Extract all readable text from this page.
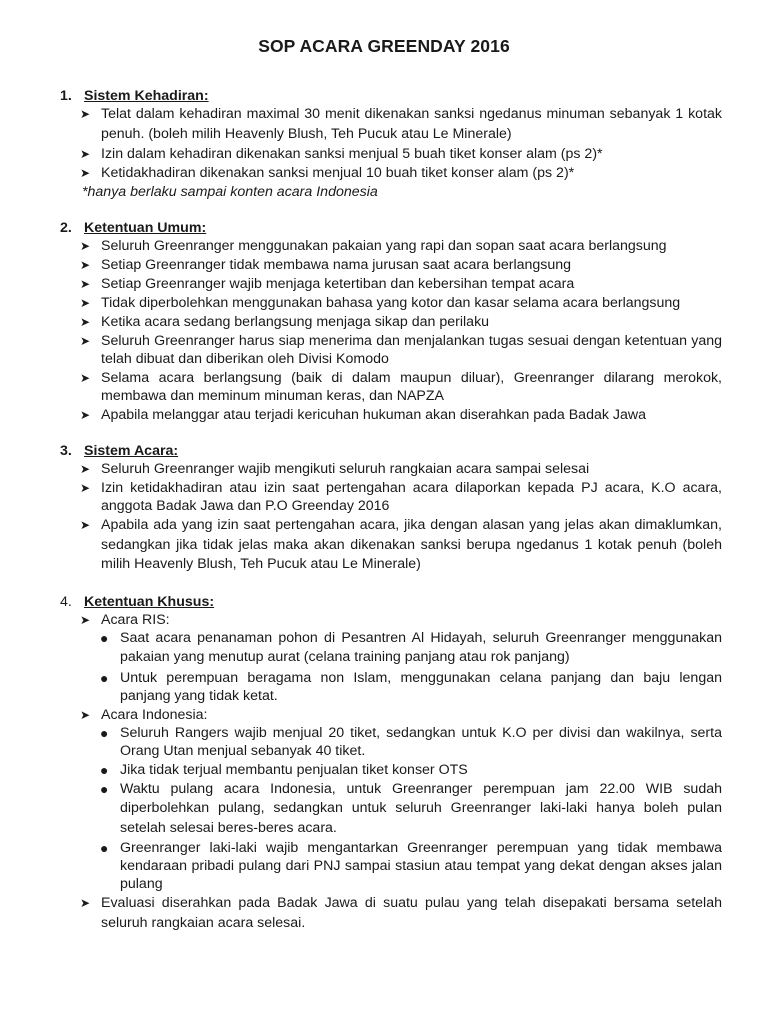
SOP ACARA GREENDAY 2016
1. Sistem Kehadiran:
➤ Telat dalam kehadiran maximal 30 menit dikenakan sanksi ngedanus minuman sebanyak 1 kotak penuh. (boleh milih Heavenly Blush, Teh Pucuk atau Le Minerale)
➤ Izin dalam kehadiran dikenakan sanksi menjual 5 buah tiket konser alam (ps 2)*
➤ Ketidakhadiran dikenakan sanksi menjual 10 buah tiket konser alam (ps 2)*
*hanya berlaku sampai konten acara Indonesia
2. Ketentuan Umum:
➤ Seluruh Greenranger menggunakan pakaian yang rapi dan sopan saat acara berlangsung
➤ Setiap Greenranger tidak membawa nama jurusan saat acara berlangsung
➤ Setiap Greenranger wajib menjaga ketertiban dan kebersihan tempat acara
➤ Tidak diperbolehkan menggunakan bahasa yang kotor dan kasar selama acara berlangsung
➤ Ketika acara sedang berlangsung menjaga sikap dan perilaku
➤ Seluruh Greenranger harus siap menerima dan menjalankan tugas sesuai dengan ketentuan yang telah dibuat dan diberikan oleh Divisi Komodo
➤ Selama acara berlangsung (baik di dalam maupun diluar), Greenranger dilarang merokok, membawa dan meminum minuman keras, dan NAPZA
➤ Apabila melanggar atau terjadi kericuhan hukuman akan diserahkan pada Badak Jawa
3. Sistem Acara:
➤ Seluruh Greenranger wajib mengikuti seluruh rangkaian acara sampai selesai
➤ Izin ketidakhadiran atau izin saat pertengahan acara dilaporkan kepada PJ acara, K.O acara, anggota Badak Jawa dan P.O Greenday 2016
➤ Apabila ada yang izin saat pertengahan acara, jika dengan alasan yang jelas akan dimaklumkan, sedangkan jika tidak jelas maka akan dikenakan sanksi berupa ngedanus 1 kotak penuh (boleh milih Heavenly Blush, Teh Pucuk atau Le Minerale)
4. Ketentuan Khusus:
➤ Acara RIS:
● Saat acara penanaman pohon di Pesantren Al Hidayah, seluruh Greenranger menggunakan pakaian yang menutup aurat (celana training panjang atau rok panjang)
● Untuk perempuan beragama non Islam, menggunakan celana panjang dan baju lengan panjang yang tidak ketat.
➤ Acara Indonesia:
● Seluruh Rangers wajib menjual 20 tiket, sedangkan untuk K.O per divisi dan wakilnya, serta Orang Utan menjual sebanyak 40 tiket.
● Jika tidak terjual membantu penjualan tiket konser OTS
● Waktu pulang acara Indonesia, untuk Greenranger perempuan jam 22.00 WIB sudah diperbolehkan pulang, sedangkan untuk seluruh Greenranger laki-laki hanya boleh pulan setelah selesai beres-beres acara.
● Greenranger laki-laki wajib mengantarkan Greenranger perempuan yang tidak membawa kendaraan pribadi pulang dari PNJ sampai stasiun atau tempat yang dekat dengan akses jalan pulang
➤ Evaluasi diserahkan pada Badak Jawa di suatu pulau yang telah disepakati bersama setelah seluruh rangkaian acara selesai.
